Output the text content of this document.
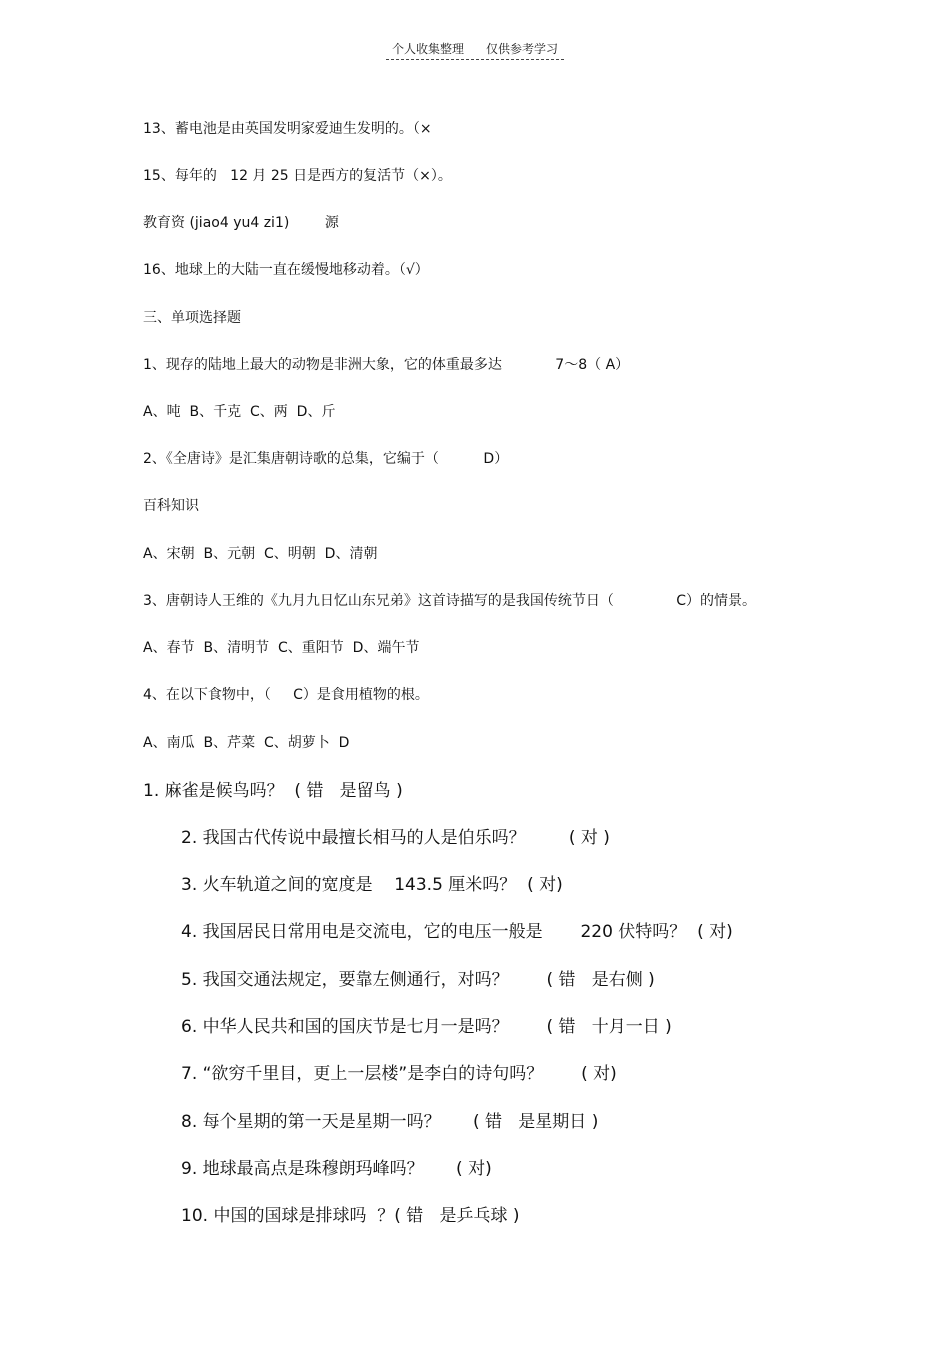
个人收集整理 仅供参考学习
13、蓄电池是由英国发明家爱迪生发明的。（×
15、每年的   12 月 25 日是西方的复活节（×）。
教育资 (jiao4 yu4 zi1)        源
16、地球上的大陆一直在缓慢地移动着。（√）
三、单项选择题
1、现存的陆地上最大的动物是非洲大象，它的体重最多达            7～8（ A）
A、吨  B、千克  C、两  D、斤
2、《全唐诗》是汇集唐朝诗歌的总集，它编于（          D）
百科知识
A、宋朝  B、元朝  C、明朝  D、清朝
3、唐朝诗人王维的《九月九日忆山东兄弟》这首诗描写的是我国传统节日（              C）的情景。
A、春节  B、清明节  C、重阳节  D、端午节
4、在以下食物中，（     C）是食用植物的根。
A、南瓜  B、芹菜  C、胡萝卜  D
1. 麻雀是候鸟吗？  ( 错   是留鸟 )
2. 我国古代传说中最擅长相马的人是伯乐吗？        ( 对 )
3. 火车轨道之间的宽度是    143.5 厘米吗？  ( 对)
4. 我国居民日常用电是交流电，它的电压一般是       220 伏特吗？  ( 对)
5. 我国交通法规定，要靠左侧通行，对吗？       ( 错   是右侧 )
6. 中华人民共和国的国庆节是七月一是吗？       ( 错   十月一日 )
7. “欲穷千里目，更上一层楼”是李白的诗句吗？       ( 对)
8. 每个星期的第一天是星期一吗？      ( 错   是星期日 )
9. 地球最高点是珠穆朗玛峰吗？      ( 对)
10. 中国的国球是排球吗  ？( 错   是乒乓球 )
